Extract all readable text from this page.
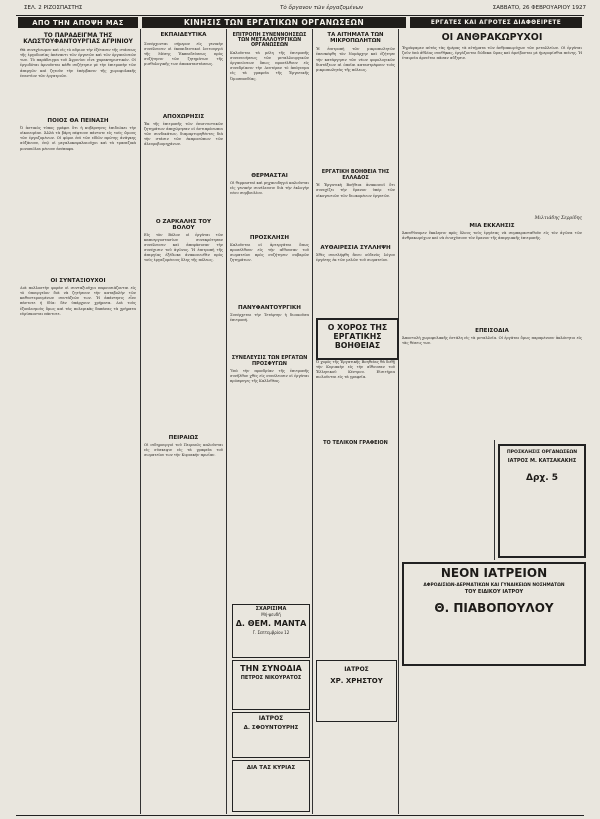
ΣΕΛ. 2 ΡΙΖΟΣΠΑΣΤΗΣ	Τὸ ὄργανον τῶν ἐργαζομένων	ΣΑΒΒΑΤΟ, 26 ΦΕΒΡΟΥΑΡΙΟΥ 1927
ΑΠΟ ΤΗΝ ΑΠΟΨΗ ΜΑΣ	ΚΙΝΗΣΙΣ ΤΩΝ ΕΡΓΑΤΙΚΩΝ ΟΡΓΑΝΩΣΕΩΝ	ΕΡΓΑΤΕΣ ΚΑΙ ΑΓΡΟΤΕΣ ΔΙΑΦΘΕΙΡΕΤΕ
ΤΟ ΠΑΡΑΔΕΙΓΜΑ ΤΗΣ ΚΛΩΣΤΟΥΦΑΝΤΟΥΡΓΙΑΣ ΑΓΡΙΝΙΟΥ
Θὰ συνεχίσωμεν καὶ εἰς τὸ αὔριον τὴν ἐξέτασιν τῆς στάσεως τῆς ἐργοδοσίας ἀπέναντι τῶν ἐργατῶν καὶ τῶν ὀργανώσεών των. Τὸ παράδειγμα τοῦ Ἀγρινίου εἶνε χαρακτηριστικόν. Οἱ ἐργοδόται ἀρνοῦνται κάθε συζήτησιν μὲ τὴν ἐπιτροπὴν τῶν ἀπεργῶν καὶ ζητοῦν τὴν ἐπέμβασιν τῆς χωροφυλακῆς ἐναντίον τῶν ἐργατριῶν.
ΠΟΙΟΣ ΘΑ ΠΕΙΝΑΣΗ
Ὁ ἀστικὸς τύπος γράφει ὅτι ἡ κυβέρνησις ἐπιδιώκει τὴν οἰκονομίαν. Ἀλλὰ τὰ βάρη πέφτουν πάντοτε εἰς τοὺς ὤμους τῶν ἐργαζομένων. Οἱ φόροι ἐπὶ τῶν εἰδῶν πρώτης ἀνάγκης αὐξάνουν, ἐνῷ οἱ μεγαλοκεφαλαιοῦχοι καὶ τὰ τραπεζικὰ μονοπώλια μένουν ἀνέπαφα.
ΟΙ ΣΥΝΤΑΞΙΟΥΧΟΙ
Διὰ πολλοστὴν φορὰν οἱ συνταξιοῦχοι παρουσιάζονται εἰς τὸ ὑπουργεῖον διὰ νὰ ζητήσουν τὴν καταβολὴν τῶν καθυστερουμένων συντάξεών των. Ἡ ἀπάντησις εἶνε πάντοτε ἡ ἰδία: δὲν ὑπάρχουν χρήματα. Διὰ τοὺς ἐξοπλισμοὺς ὅμως καὶ τὰς πολεμικὰς δαπάνας τὰ χρήματα εὑρίσκονται πάντοτε.
ΕΚΠΑΙΔΕΥΤΙΚΑ
Συνέρχονται σήμερον εἰς γενικὴν συνέλευσιν οἱ ἐκπαιδευτικοὶ λειτουργοὶ τῆς Μέσης Ἐκπαιδεύσεως πρὸς συζήτησιν τῶν ζητημάτων τῆς μισθολογικῆς των ἀποκαταστάσεως.
ΑΠΟΧΩΡΗΣΙΣ
Ἐκ τῆς ἐπιτροπῆς τῶν ἐπισιτιστικῶν ζητημάτων ἀπεχώρησαν οἱ ἀντιπρόσωποι τῶν συνδικάτων, διαμαρτυρηθέντες διὰ τὴν στάσιν τῶν ἐκπροσώπων τῶν ἀλευροβιομηχάνων.
Ο ΖΑΡΚΑΛΗΣ ΤΟΥ ΒΟΛΟΥ
Εἰς τὸν Βόλον οἱ ἐργάται τῶν καπνεργοστασίων συνεκρότησαν συνέλευσιν καὶ ἀπεφάσισαν τὴν συνέχισιν τοῦ ἀγῶνος. Ἡ ἐπιτροπὴ τῆς ἀπεργίας ἐξέδωκε ἀνακοινωθὲν πρὸς τοὺς ἐργαζομένους ὅλης τῆς πόλεως.
ΠΕΙΡΑΙΩΣ
Οἱ σιδηρουργοὶ τοῦ Πειραιῶς καλοῦνται εἰς σύσκεψιν εἰς τὰ γραφεῖα τοῦ σωματείου των τὴν Κυριακὴν πρωΐαν.
ΕΠΙΤΡΟΠΗ ΣΥΝΕΝΝΟΗΣΕΩΣ ΤΩΝ ΜΕΤΑΛΛΟΥΡΓΙΚΩΝ ΟΡΓΑΝΩΣΕΩΝ
Καλοῦνται τὰ μέλη τῆς ἐπιτροπῆς συνεννοήσεως τῶν μεταλλουργικῶν ὀργανώσεων ὅπως προσέλθουν εἰς συνεδρίασιν τὴν Δευτέραν τὸ ἀπόγευμα εἰς τὰ γραφεῖα τῆς Ἐργατικῆς Ὁμοσπονδίας.
ΘΕΡΜΑΣΤΑΙ
Οἱ θερμασταὶ καὶ μηχανοδηγοὶ καλοῦνται εἰς γενικὴν συνέλευσιν διὰ τὴν ἐκλογὴν νέου συμβουλίου.
ΠΡΟΣΚΛΗΣΗ
Καλοῦνται οἱ ἀρτεργάται ὅπως προσέλθουν εἰς τὴν αἴθουσαν τοῦ σωματείου πρὸς συζήτησιν σοβαρῶν ζητημάτων.
ΠΑΝΥΦΑΝΤΟΥΡΓΙΚΗ
Συνέρχεται τὴν Τετάρτην ἡ διοικοῦσα ἐπιτροπή.
ΣΥΝΕΛΕΥΣΙΣ ΤΩΝ ΕΡΓΑΤΩΝ ΠΡΟΣΦΥΓΩΝ
Ὑπὸ τὴν προεδρίαν τῆς ἐπιτροπῆς συνῆλθον χθὲς εἰς συνέλευσιν οἱ ἐργάται πρόσφυγες τῆς Καλλιθέας.
ΤΑ ΑΙΤΗΜΑΤΑ ΤΩΝ ΜΙΚΡΟΠΩΛΗΤΩΝ
Ἡ ἐπιτροπὴ τῶν μικροπωλητῶν ἐπεσκέφθη τὸν Νομάρχην καὶ ἐζήτησε τὴν κατάργησιν τῶν νέων φορολογικῶν διατάξεων αἱ ὁποῖαι καταστρέφουν τοὺς μικροπωλητὰς τῆς πόλεως.
ΕΡΓΑΤΙΚΗ ΒΟΗΘΕΙΑ ΤΗΣ ΕΛΛΑΔΟΣ
Ἡ Ἐργατικὴ Βοήθεια ἀνακοινοῖ ὅτι συνεχίζει τὴν ἔρανον ὑπὲρ τῶν οἰκογενειῶν τῶν διωκομένων ἐργατῶν.
ΑΥΘΑΙΡΕΣΙΑ ΣΥΛΛΗΨΗ
Χθὲς συνελήφθη ἄνευ οὐδενὸς λόγου ἐργάτης ἐκ τῶν μελῶν τοῦ σωματείου.
Ο ΧΟΡΟΣ ΤΗΣ ΕΡΓΑΤΙΚΗΣ ΒΟΗΘΕΙΑΣ
Ὁ χορὸς τῆς Ἐργατικῆς Βοηθείας θὰ δοθῇ τὴν Κυριακὴν εἰς τὴν αἴθουσαν τοῦ Ἑλληνικοῦ Κέντρου. Εἰσιτήρια πωλοῦνται εἰς τὰ γραφεῖα.
ΤΟ ΤΕΛΙΚΟΝ ΓΡΑΦΕΙΟΝ
ΟΙ ΑΝΘΡΑΚΩΡΥΧΟΙ
Ἐγράψαμεν αὐτὰς τὰς ἡμέρας τὰ αἰτήματα τῶν ἀνθρακωρύχων τῶν μεταλλείων. Οἱ ἐργάται ζοῦν ὑπὸ ἀθλίας συνθήκας, ἐργάζονται δώδεκα ὥρας καὶ ἀμείβονται μὲ ἡμερομίσθια πείνης. Ἡ ἑταιρεία ἀρνεῖται πᾶσαν αὔξησιν.
Μιλτιάδης Σερρίδης
ΜΙΑ ΕΚΚΛΗΣΙΣ
Ἀπευθύνομεν ἔκκλησιν πρὸς ὅλους τοὺς ἐργάτας νὰ συμπαρασταθοῦν εἰς τὸν ἀγῶνα τῶν ἀνθρακωρύχων καὶ νὰ ἐνισχύσουν τὸν ἔρανον τῆς ἀπεργιακῆς ἐπιτροπῆς.
ΕΠΕΙΣΟΔΙΑ
Ἀποστολὴ χωροφυλακῆς ἐστάλη εἰς τὰ μεταλλεῖα. Οἱ ἐργάται ὅμως παραμένουν ἀκλόνητοι εἰς τὰς θέσεις των.
ΣΧΑΡΙΣΙΜΑ
Μή-ψευδῆ
Δ. ΘΕΜ. ΜΑΝΤΑ
Γ. Σεπτεμβρίου 12
ΤΗΝ ΣΥΝΟΔΙΑ
ΠΕΤΡΟΣ ΝΙΚΟΥΡΑΤΟΣ
ΙΑΤΡΟΣ
Δ. ΣΦΟΥΝΤΟΥΡΗΣ
ΔΙΑ ΤΑΣ ΚΥΡΙΑΣ
ΙΑΤΡΟΣ
ΧΡ. ΧΡΗΣΤΟΥ
ΠΡΟΣΚΛΗΣΙΣ ΟΡΓΑΝΩΣΕΩΝ
ΙΑΤΡΟΣ Μ. ΚΑΤΣΑΚΑΚΗΣ
Δρχ. 5
ΝΕΟΝ ΙΑΤΡΕΙΟΝ
ΑΦΡΟΔΙΣΙΩΝ-ΔΕΡΜΑΤΙΚΩΝ ΚΑΙ ΓΥΝΑΙΚΕΙΩΝ ΝΟΣΗΜΑΤΩΝ
ΤΟΥ ΕΙΔΙΚΟΥ ΙΑΤΡΟΥ
Θ. ΠΙΑΒΟΠΟΥΛΟΥ
